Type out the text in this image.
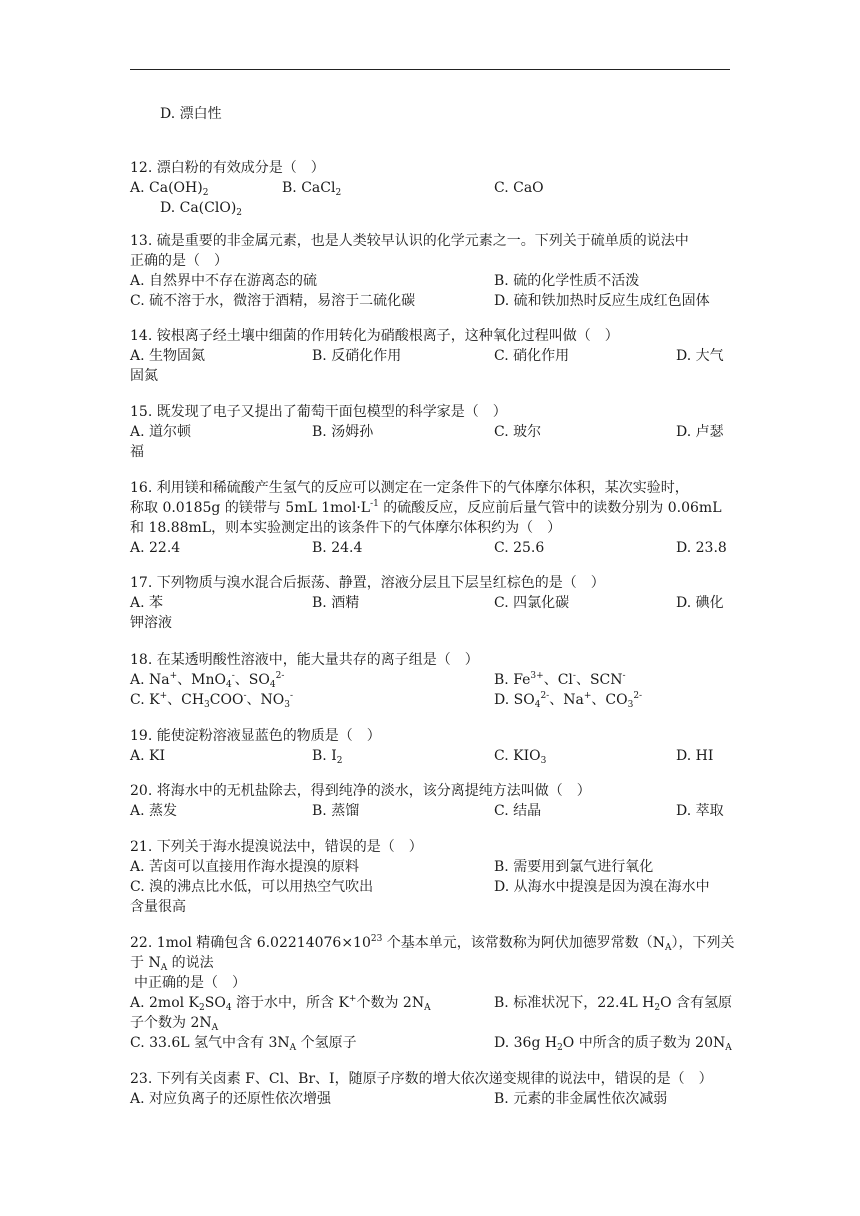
D. 漂白性
12. 漂白粉的有效成分是（　）
A. $Ca(OH)_2$	B. CaCl$_2$	C. CaO
D. $Ca(ClO)_2$
13. 硫是重要的非金属元素，也是人类较早认识的化学元素之一。下列关于硫单质的说法中
正确的是（　）
A. 自然界中不存在游离态的硫	B. 硫的化学性质不活泼
C. 硫不溶于水，微溶于酒精，易溶于二硫化碳	D. 硫和铁加热时反应生成红色固体
14. 铵根离子经土壤中细菌的作用转化为硝酸根离子，这种氧化过程叫做（　）
A. 生物固氮	B. 反硝化作用	C. 硝化作用	D. 大气
固氮
15. 既发现了电子又提出了葡萄干面包模型的科学家是（　）
A. 道尔顿	B. 汤姆孙	C. 玻尔	D. 卢瑟
福
16. 利用镁和稀硫酸产生氢气的反应可以测定在一定条件下的气体摩尔体积，某次实验时，
称取 0.0185g 的镁带与 5mL $1mol\cdot L^{-1}$ 的硫酸反应，反应前后量气管中的读数分别为 0.06mL
和 18.88mL，则本实验测定出的该条件下的气体摩尔体积约为（　）
A. 22.4	B. 24.4	C. 25.6	D. 23.8
17. 下列物质与溴水混合后振荡、静置，溶液分层且下层呈红棕色的是（　）
A. 苯	B. 酒精	C. 四氯化碳	D. 碘化
钾溶液
18. 在某透明酸性溶液中，能大量共存的离子组是（　）
A. Na+、MnO$_4$-、$SO_4^{2-}$	B. $Fe^{3+}$、Cl-、SCN-
C. K+、$CH_3COO^-$、$NO_3^-$	D. $SO_4^{2-}$、Na+、$CO_3^{2-}$
19. 能使淀粉溶液显蓝色的物质是（　）
A. KI	B. $I_2$	C. $KIO_3$	D. HI
20. 将海水中的无机盐除去，得到纯净的淡水，该分离提纯方法叫做（　）
A. 蒸发	B. 蒸馏	C. 结晶	D. 萃取
21. 下列关于海水提溴说法中，错误的是（　）
A. 苦卤可以直接用作海水提溴的原料	B. 需要用到氯气进行氧化
C. 溴的沸点比水低，可以用热空气吹出	D. 从海水中提溴是因为溴在海水中
含量很高
22. 1mol 精确包含 $6.02214076\times 10^{23}$ 个基本单元，该常数称为阿伏加德罗常数$(N_A)$，下列关
于 $N_A$ 的说法
中正确的是（　）
A. 2mol $K_2SO_4$ 溶于水中，所含 K+个数为 $2N_A$	B. 标准状况下，22.4L $H_2O$ 含有氢原
子个数为 $2N_A$
C. 33.6L 氢气中含有 $3N_A$ 个氢原子	D. 36g $H_2O$ 中所含的质子数为 $20N_A$
23. 下列有关卤素 F、Cl、Br、I，随原子序数的增大依次递变规律的说法中，错误的是（　）
A. 对应负离子的还原性依次增强	B. 元素的非金属性依次减弱
